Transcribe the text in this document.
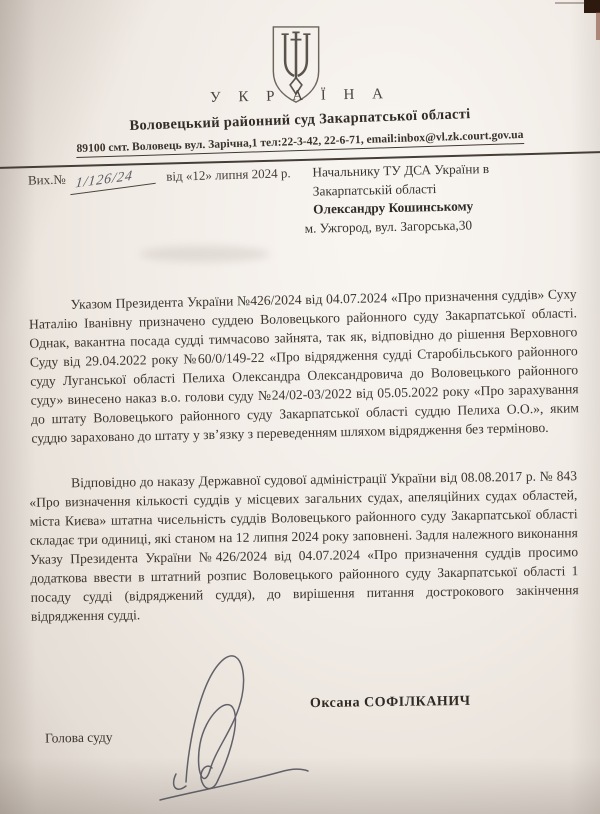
У К Р А Ї Н А
Воловецький районний суд Закарпатської області
89100 смт. Воловець вул. Зарічна,1 тел:22-3-42, 22-6-71, email:inbox@vl.zk.court.gov.ua
Вих.№ 1/126/24 від «12» липня 2024 р. Начальнику ТУ ДСА України в
Закарпатській області
Олександру Кошинському
м. Ужгород, вул. Загорська,30

Указом Президента України №426/2024 від 04.07.2024 «Про призначення суддів» Суху Наталію Іванівну призначено суддею Воловецького районного суду Закарпатської області. Однак, вакантна посада судді тимчасово зайнята, так як, відповідно до рішення Верховного Суду від 29.04.2022 року №60/0/149-22 «Про відрядження судді Старобільського районного суду Луганської області Пелиха Олександра Олександровича до Воловецького районного суду» винесено наказ в.о. голови суду №24/02-03/2022 від 05.05.2022 року «Про зарахування до штату Воловецького районного суду Закарпатської області суддю Пелиха О.О.», яким суддю зараховано до штату у зв’язку з переведенням шляхом відрядження без терміново.

Відповідно до наказу Державної судової адміністрації України від 08.08.2017 р. № 843 «Про визначення кількості суддів у місцевих загальних судах, апеляційних судах областей, міста Києва» штатна чисельність суддів Воловецького районного суду Закарпатської області складає три одиниці, які станом на 12 липня 2024 року заповнені. Задля належного виконання Указу Президента України №426/2024 від 04.07.2024 «Про призначення суддів просимо додаткова ввести в штатний розпис Воловецького районного суду Закарпатської області 1 посаду судді (відряджений суддя), до вирішення питання дострокового закінчення відрядження судді.

Голова суду
Оксана СОФІЛКАНИЧ
